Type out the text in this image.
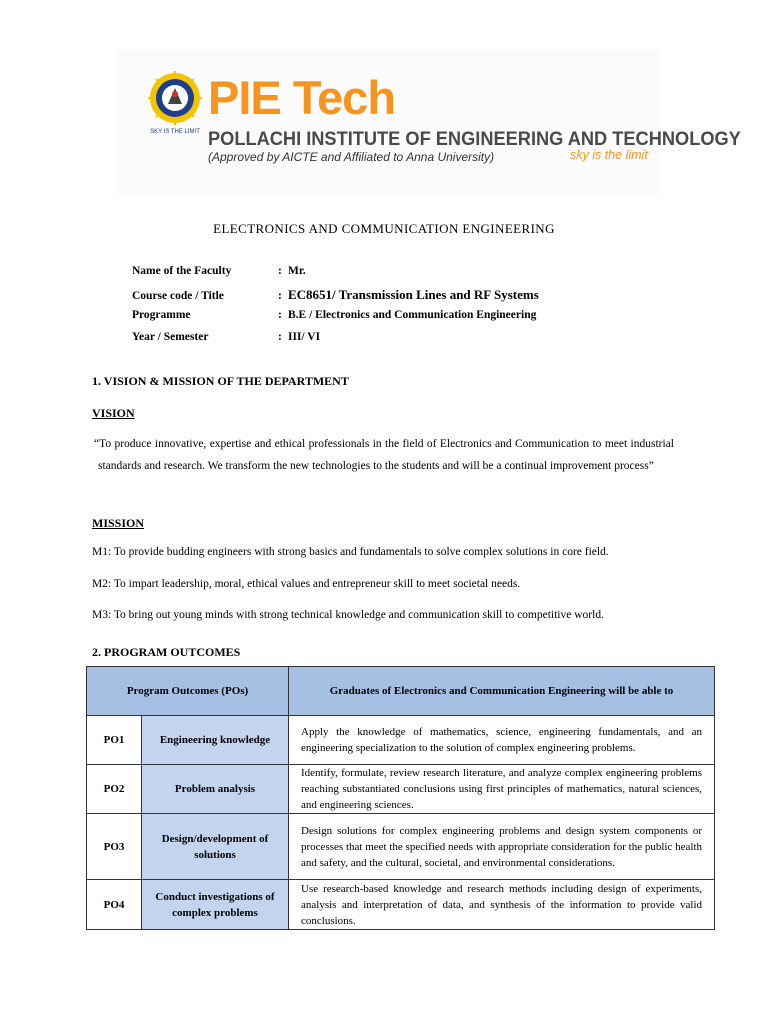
SKY IS THE LIMIT
PIE Tech
POLLACHI INSTITUTE OF ENGINEERING AND TECHNOLOGY
(Approved by AICTE and Affiliated to Anna University)	sky is the limit
ELECTRONICS AND COMMUNICATION ENGINEERING
Name of the Faculty	: Mr.
Course code / Title	: EC8651/ Transmission Lines and RF Systems
Programme	: B.E / Electronics and Communication Engineering
Year / Semester	: III/ VI
1. VISION & MISSION OF THE DEPARTMENT
VISION
“To produce innovative, expertise and ethical professionals in the field of Electronics and Communication to meet industrial standards and research. We transform the new technologies to the students and will be a continual improvement process”
MISSION
M1: To provide budding engineers with strong basics and fundamentals to solve complex solutions in core field.
M2: To impart leadership, moral, ethical values and entrepreneur skill to meet societal needs.
M3: To bring out young minds with strong technical knowledge and communication skill to competitive world.
2. PROGRAM OUTCOMES
Program Outcomes (POs)		Graduates of Electronics and Communication Engineering will be able to
PO1	Engineering knowledge	Apply the knowledge of mathematics, science, engineering fundamentals, and an engineering specialization to the solution of complex engineering problems.
PO2	Problem analysis	Identify, formulate, review research literature, and analyze complex engineering problems reaching substantiated conclusions using first principles of mathematics, natural sciences, and engineering sciences.
PO3	Design/development of solutions	Design solutions for complex engineering problems and design system components or processes that meet the specified needs with appropriate consideration for the public health and safety, and the cultural, societal, and environmental considerations.
PO4	Conduct investigations of complex problems	Use research-based knowledge and research methods including design of experiments, analysis and interpretation of data, and synthesis of the information to provide valid conclusions.
